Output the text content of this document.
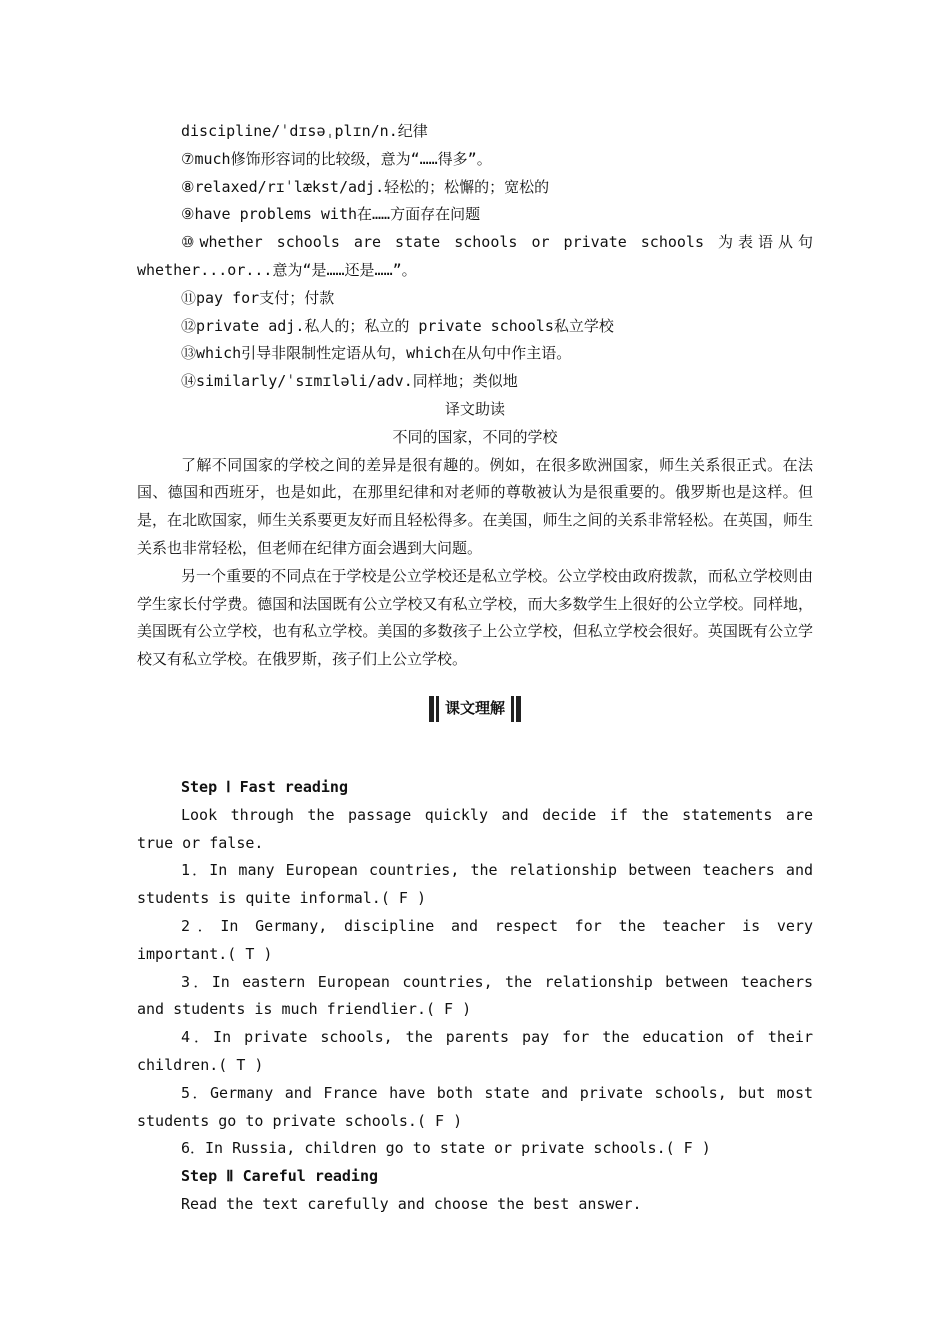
discipline/ˈdɪsəˌplɪn/n.纪律
⑦much修饰形容词的比较级，意为“……得多”。
⑧relaxed/rɪˈlækst/adj.轻松的；松懈的；宽松的
⑨have problems with在……方面存在问题
⑩whether schools are state schools or private schools 为表语从句
whether...or...意为“是……还是……”。
⑪pay for支付；付款
⑫private adj.私人的；私立的 private schools私立学校
⑬which引导非限制性定语从句，which在从句中作主语。
⑭similarly/ˈsɪmɪləli/adv.同样地；类似地
译文助读
不同的国家，不同的学校
了解不同国家的学校之间的差异是很有趣的。例如，在很多欧洲国家，师生关系很正式。在法国、德国和西班牙，也是如此，在那里纪律和对老师的尊敬被认为是很重要的。俄罗斯也是这样。但是，在北欧国家，师生关系要更友好而且轻松得多。在美国，师生之间的关系非常轻松。在英国，师生关系也非常轻松，但老师在纪律方面会遇到大问题。
另一个重要的不同点在于学校是公立学校还是私立学校。公立学校由政府拨款，而私立学校则由学生家长付学费。德国和法国既有公立学校又有私立学校，而大多数学生上很好的公立学校。同样地，美国既有公立学校，也有私立学校。美国的多数孩子上公立学校，但私立学校会很好。英国既有公立学校又有私立学校。在俄罗斯，孩子们上公立学校。
课文理解
Step Ⅰ Fast reading
Look through the passage quickly and decide if the statements are true or false.
1．In many European countries, the relationship between teachers and students is quite informal.( F )
2．In Germany, discipline and respect for the teacher is very important.( T )
3．In eastern European countries, the relationship between teachers and students is much friendlier.( F )
4．In private schools, the parents pay for the education of their children.( T )
5．Germany and France have both state and private schools, but most students go to private schools.( F )
6．In Russia, children go to state or private schools.( F )
Step Ⅱ Careful reading
Read the text carefully and choose the best answer.
